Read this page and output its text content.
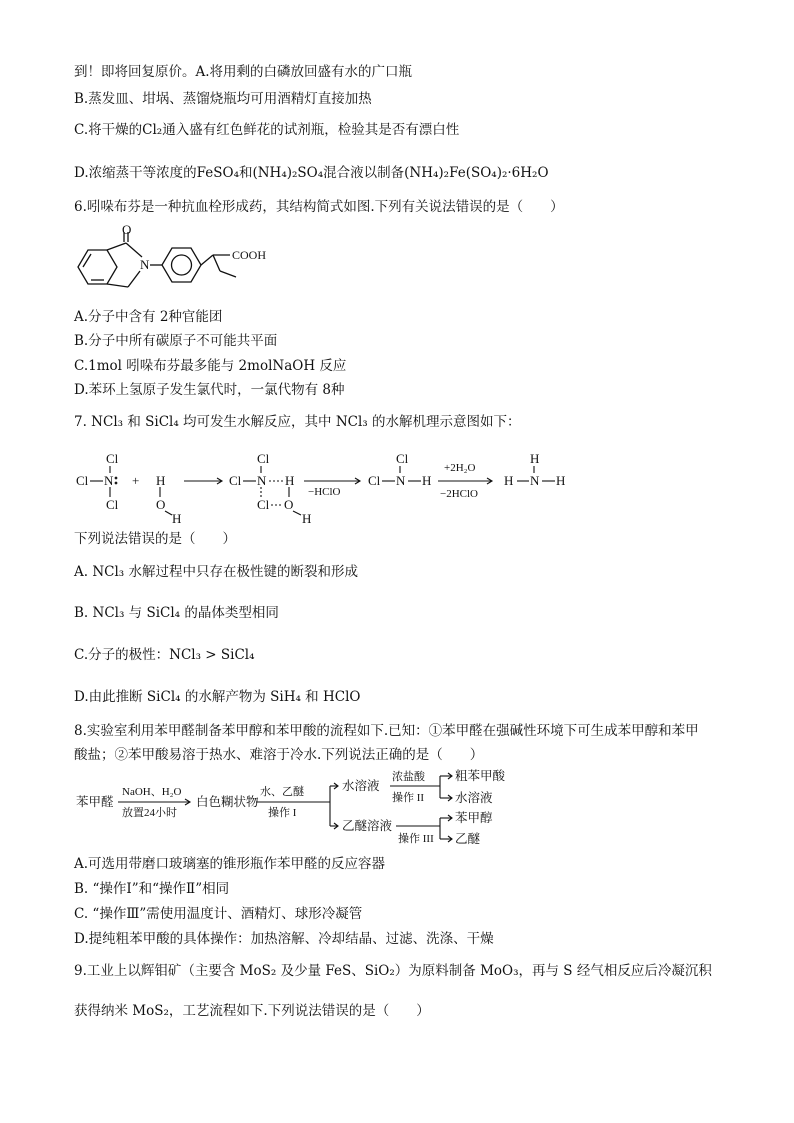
到！即将回复原价。A.将用剩的白磷放回盛有水的广口瓶
B.蒸发皿、坩埚、蒸馏烧瓶均可用酒精灯直接加热
C.将干燥的Cl₂通入盛有红色鲜花的试剂瓶，检验其是否有漂白性
D.浓缩蒸干等浓度的FeSO₄和(NH₄)₂SO₄混合液以制备(NH₄)₂Fe(SO₄)₂·6H₂O
6.吲哚布芬是一种抗血栓形成药，其结构简式如图.下列有关说法错误的是（　　）
O
N
COOH
A.分子中含有 2种官能团
B.分子中所有碳原子不可能共平面
C.1mol 吲哚布芬最多能与 2molNaOH 反应
D.苯环上氢原子发生氯代时，一氯代物有 8种
7. NCl₃ 和 SiCl₄ 均可发生水解反应，其中 NCl₃ 的水解机理示意图如下：
Cl N
Cl
Cl
+ H
O
H
Cl N
Cl
H
Cl O
H
Cl N
Cl
H	H N
H
H
−HClO
+2H₂O
−2HClO
下列说法错误的是（　　）
A. NCl₃ 水解过程中只存在极性键的断裂和形成
B. NCl₃ 与 SiCl₄ 的晶体类型相同
C.分子的极性：NCl₃ > SiCl₄
D.由此推断 SiCl₄ 的水解产物为 SiH₄ 和 HClO
8.实验室利用苯甲醛制备苯甲醇和苯甲酸的流程如下.已知：①苯甲醛在强碱性环境下可生成苯甲醇和苯甲
酸盐；②苯甲酸易溶于热水、难溶于冷水.下列说法正确的是（　　）
苯甲醛	白色糊状物
水溶液
乙醚溶液
粗苯甲酸
水溶液
苯甲醇
乙醚
NaOH、H₂O
放置24小时
水、乙醚
操作 I
浓盐酸
操作 II
操作 III
A.可选用带磨口玻璃塞的锥形瓶作苯甲醛的反应容器
B. “操作Ⅰ”和“操作Ⅱ”相同
C. “操作Ⅲ”需使用温度计、酒精灯、球形冷凝管
D.提纯粗苯甲酸的具体操作：加热溶解、冷却结晶、过滤、洗涤、干燥
9.工业上以辉钼矿（主要含 MoS₂ 及少量 FeS、SiO₂）为原料制备 MoO₃，再与 S 经气相反应后冷凝沉积
获得纳米 MoS₂，工艺流程如下.下列说法错误的是（　　）
